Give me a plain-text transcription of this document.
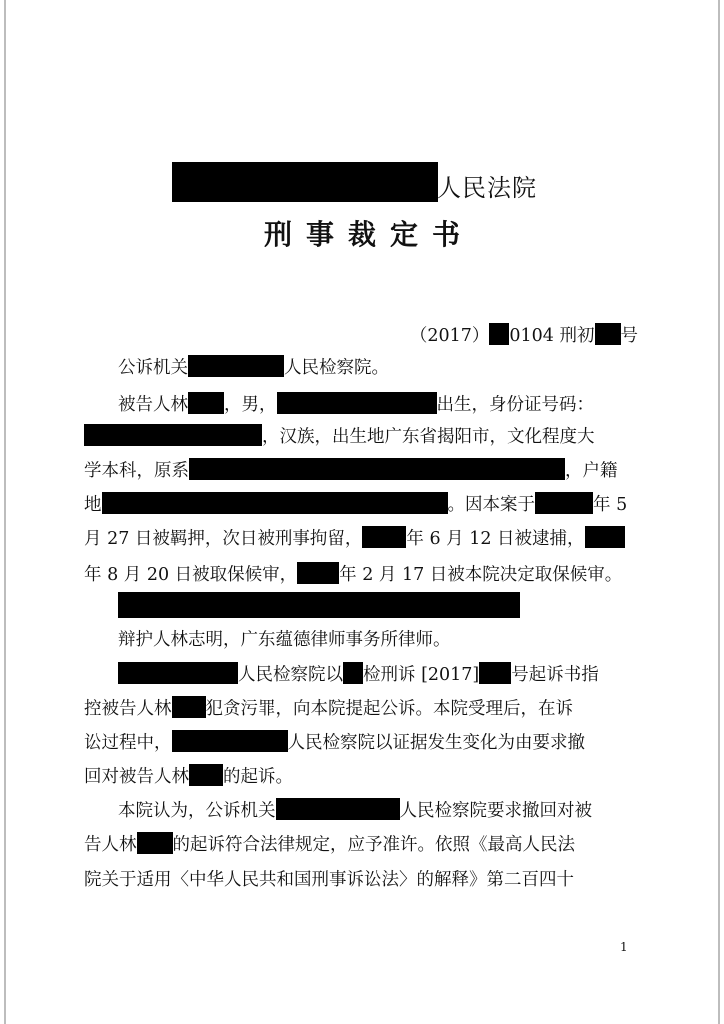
人民法院
刑事裁定书
（2017） 0104 刑初 号
公诉机关	人民检察院。
被告人林 ，男，	出生，身份证号码：
，汉族，出生地广东省揭阳市，文化程度大
学本科，原系	，户籍
地	。因本案于	年 5
月 27 日被羁押，次日被刑事拘留，	年 6 月 12 日被逮捕，
年 8 月 20 日被取保候审， 年 2 月 17 日被本院决定取保候审。
辩护人林志明，广东蕴德律师事务所律师。
人民检察院以 检刑诉 [2017] 号起诉书指
控被告人林 犯贪污罪，向本院提起公诉。本院受理后，在诉
讼过程中，	人民检察院以证据发生变化为由要求撤
回对被告人林 的起诉。
本院认为，公诉机关	人民检察院要求撤回对被
告人林 的起诉符合法律规定，应予准许。依照《最高人民法
院关于适用〈中华人民共和国刑事诉讼法〉的解释》第二百四十
1
